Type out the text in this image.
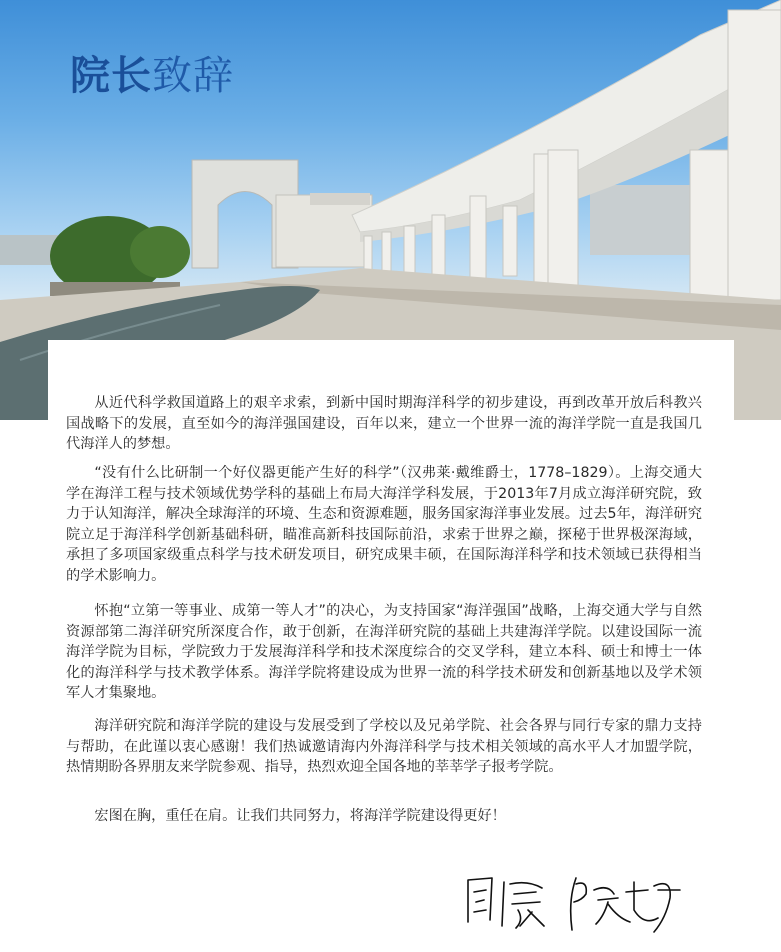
院长致辞

从近代科学救国道路上的艰辛求索，到新中国时期海洋科学的初步建设，再到改革开放后科教兴国战略下的发展，直至如今的海洋强国建设，百年以来，建立一个世界一流的海洋学院一直是我国几代海洋人的梦想。

“没有什么比研制一个好仪器更能产生好的科学”（汉弗莱·戴维爵士，1778–1829）。上海交通大学在海洋工程与技术领域优势学科的基础上布局大海洋学科发展，于2013年7月成立海洋研究院，致力于认知海洋，解决全球海洋的环境、生态和资源难题，服务国家海洋事业发展。过去5年，海洋研究院立足于海洋科学创新基础科研，瞄准高新科技国际前沿，求索于世界之巅，探秘于世界极深海域，承担了多项国家级重点科学与技术研发项目，研究成果丰硕，在国际海洋科学和技术领域已获得相当的学术影响力。

怀抱“立第一等事业、成第一等人才”的决心，为支持国家“海洋强国”战略，上海交通大学与自然资源部第二海洋研究所深度合作，敢于创新，在海洋研究院的基础上共建海洋学院。以建设国际一流海洋学院为目标，学院致力于发展海洋科学和技术深度综合的交叉学科，建立本科、硕士和博士一体化的海洋科学与技术教学体系。海洋学院将建设成为世界一流的科学技术研发和创新基地以及学术领军人才集聚地。

海洋研究院和海洋学院的建设与发展受到了学校以及兄弟学院、社会各界与同行专家的鼎力支持与帮助，在此谨以衷心感谢！我们热诚邀请海内外海洋科学与技术相关领域的高水平人才加盟学院，热情期盼各界朋友来学院参观、指导，热烈欢迎全国各地的莘莘学子报考学院。

宏图在胸，重任在肩。让我们共同努力，将海洋学院建设得更好！
